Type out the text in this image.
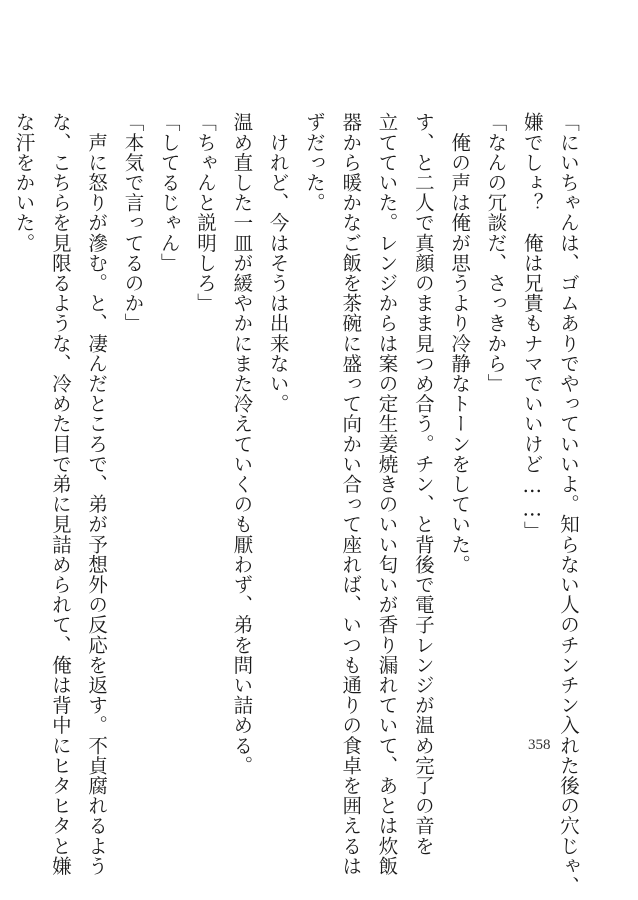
「にいちゃんは、ゴムありでやっていいよ。知らない人のチンチン入れた後の穴じゃ、
嫌でしょ？　俺は兄貴もナマでいいけど……」
「なんの冗談だ、さっきから」
　俺の声は俺が思うより冷静なトーンをしていた。
す、と二人で真顔のまま見つめ合う。チン、と背後で電子レンジが温め完了の音を
立てていた。レンジからは案の定生姜焼きのいい匂いが香り漏れていて、あとは炊飯
器から暖かなご飯を茶碗に盛って向かい合って座れば、いつも通りの食卓を囲えるは
ずだった。
　けれど、今はそうは出来ない。
温め直した一皿が緩やかにまた冷えていくのも厭わず、弟を問い詰める。
「ちゃんと説明しろ」
「してるじゃん」
「本気で言ってるのか」
　声に怒りが滲む。と、凄んだところで、弟が予想外の反応を返す。不貞腐れるよう
な、こちらを見限るような、冷めた目で弟に見詰められて、俺は背中にヒタヒタと嫌
な汗をかいた。
358
